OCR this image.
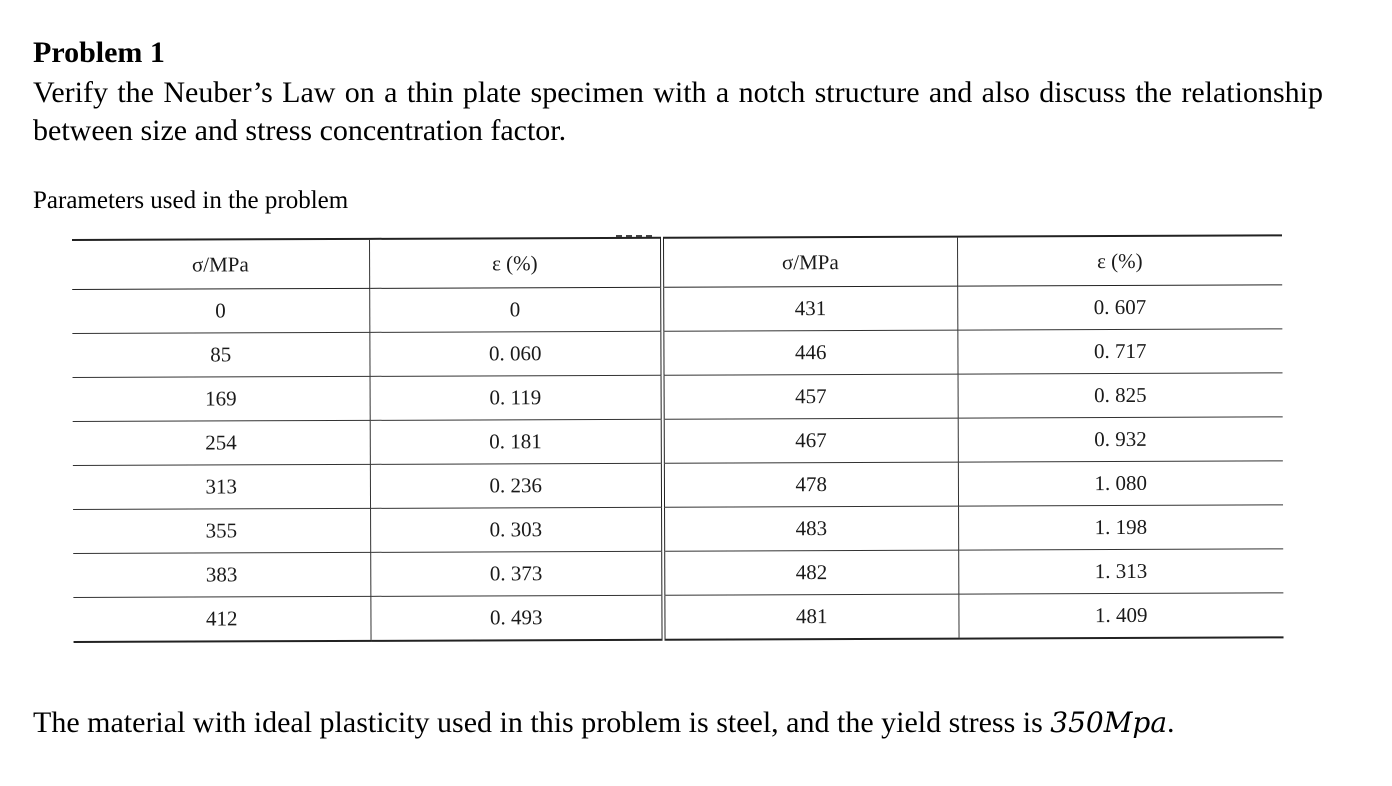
Problem 1
Verify the Neuber’s Law on a thin plate specimen with a notch structure and also discuss the relationship between size and stress concentration factor.
Parameters used in the problem
σ/MPa	ε (%)	σ/MPa	ε (%)
0	0	431	0. 607
85	0. 060	446	0. 717
169	0. 119	457	0. 825
254	0. 181	467	0. 932
313	0. 236	478	1. 080
355	0. 303	483	1. 198
383	0. 373	482	1. 313
412	0. 493	481	1. 409
The material with ideal plasticity used in this problem is steel, and the yield stress is 350Mpa.
